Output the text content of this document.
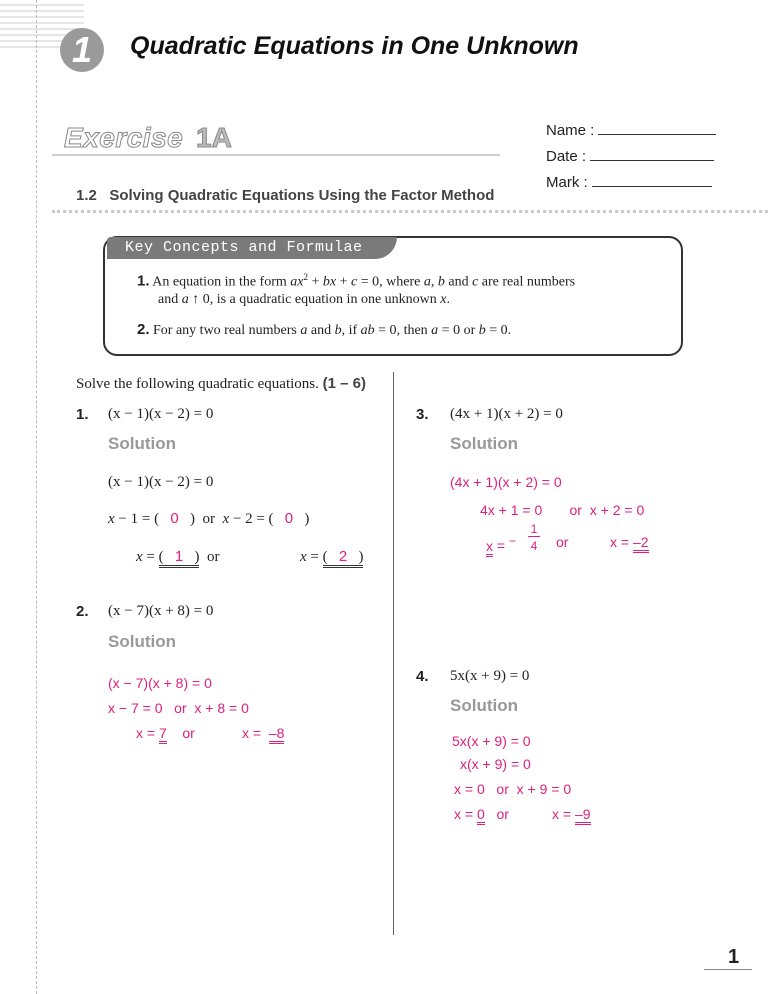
1	Quadratic Equations in One Unknown
Exercise 1A	Name :
Date :
Mark :
1.2 Solving Quadratic Equations Using the Factor Method
Key Concepts and Formulae
1. An equation in the form $ax^2$ + bx + c = 0, where a, b and c are real numbers
and a ↑ 0, is a quadratic equation in one unknown x.
2. For any two real numbers a and b, if ab = 0, then a = 0 or b = 0.
Solve the following quadratic equations. (1 – 6)
1. (x − 1)(x − 2) = 0
Solution
(x − 1)(x − 2) = 0
x − 1 = (   0   )  or x − 2 = (   0   )
x = (   1   ) or	x = (   2   )
2. (x − 7)(x + 8) = 0
Solution
(x − 7)(x + 8) = 0
x − 7 = 0 or x + 8 = 0
x = 7 or	x =  –8
3. (4x + 1)(x + 2) = 0
Solution
(4x + 1)(x + 2) = 0
4x + 1 = 0 or x + 2 = 0
x = −
1
4 or	x = –2
4. 5x(x + 9) = 0
Solution
5x(x + 9) = 0
x(x + 9) = 0
x = 0 or x + 9 = 0
x = 0 or	x = –9
1
